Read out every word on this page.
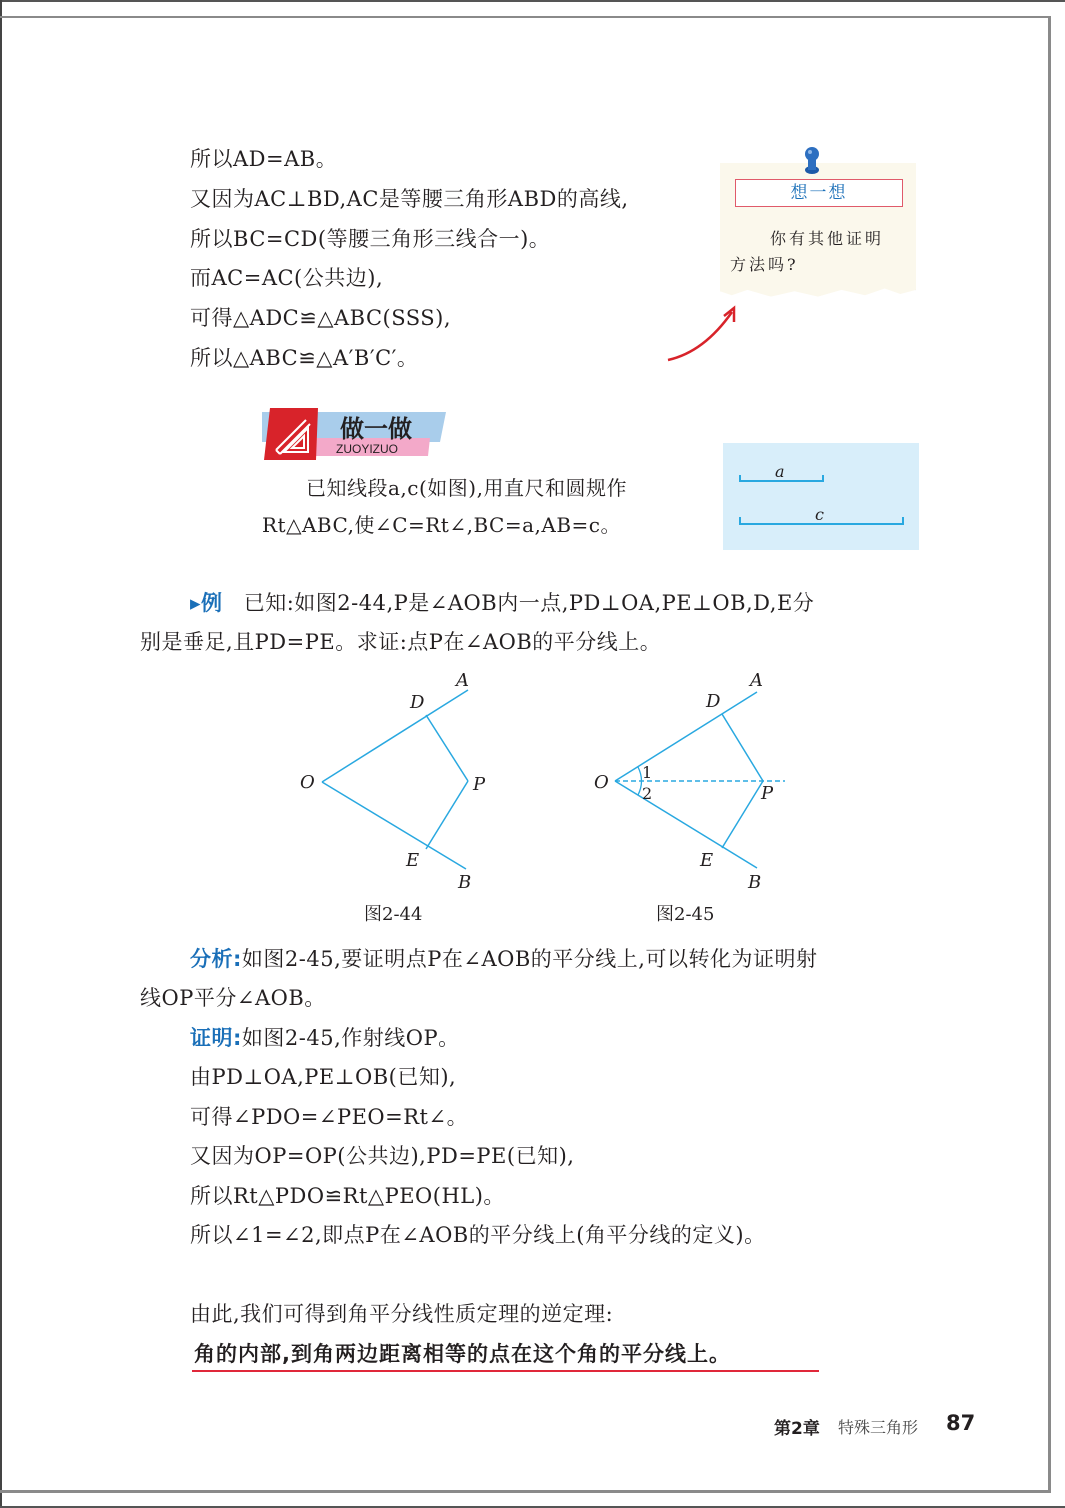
所以AD=AB。
又因为AC⊥BD,AC是等腰三角形ABD的高线,
所以BC=CD(等腰三角形三线合一)。
而AC=AC(公共边),
可得△ADC≌△ABC(SSS),
所以△ABC≌△A′B′C′。
想一想
你有其他证明
方法吗?
做一做
ZUOYIZUO
已知线段a,c(如图),用直尺和圆规作
Rt△ABC,使∠C=Rt∠,BC=a,AB=c。
a
c
▸例 已知:如图2-44,P是∠AOB内一点,PD⊥OA,PE⊥OB,D,E分
别是垂足,且PD=PE。求证:点P在∠AOB的平分线上。
O
A
D
P
E
B
图2-44
O
A
D
P
E
B
1
2
图2-45
分析:如图2-45,要证明点P在∠AOB的平分线上,可以转化为证明射
线OP平分∠AOB。
证明:如图2-45,作射线OP。
由PD⊥OA,PE⊥OB(已知),
可得∠PDO=∠PEO=Rt∠。
又因为OP=OP(公共边),PD=PE(已知),
所以Rt△PDO≌Rt△PEO(HL)。
所以∠1=∠2,即点P在∠AOB的平分线上(角平分线的定义)。
由此,我们可得到角平分线性质定理的逆定理:
角的内部,到角两边距离相等的点在这个角的平分线上。
第2章 特殊三角形 87
